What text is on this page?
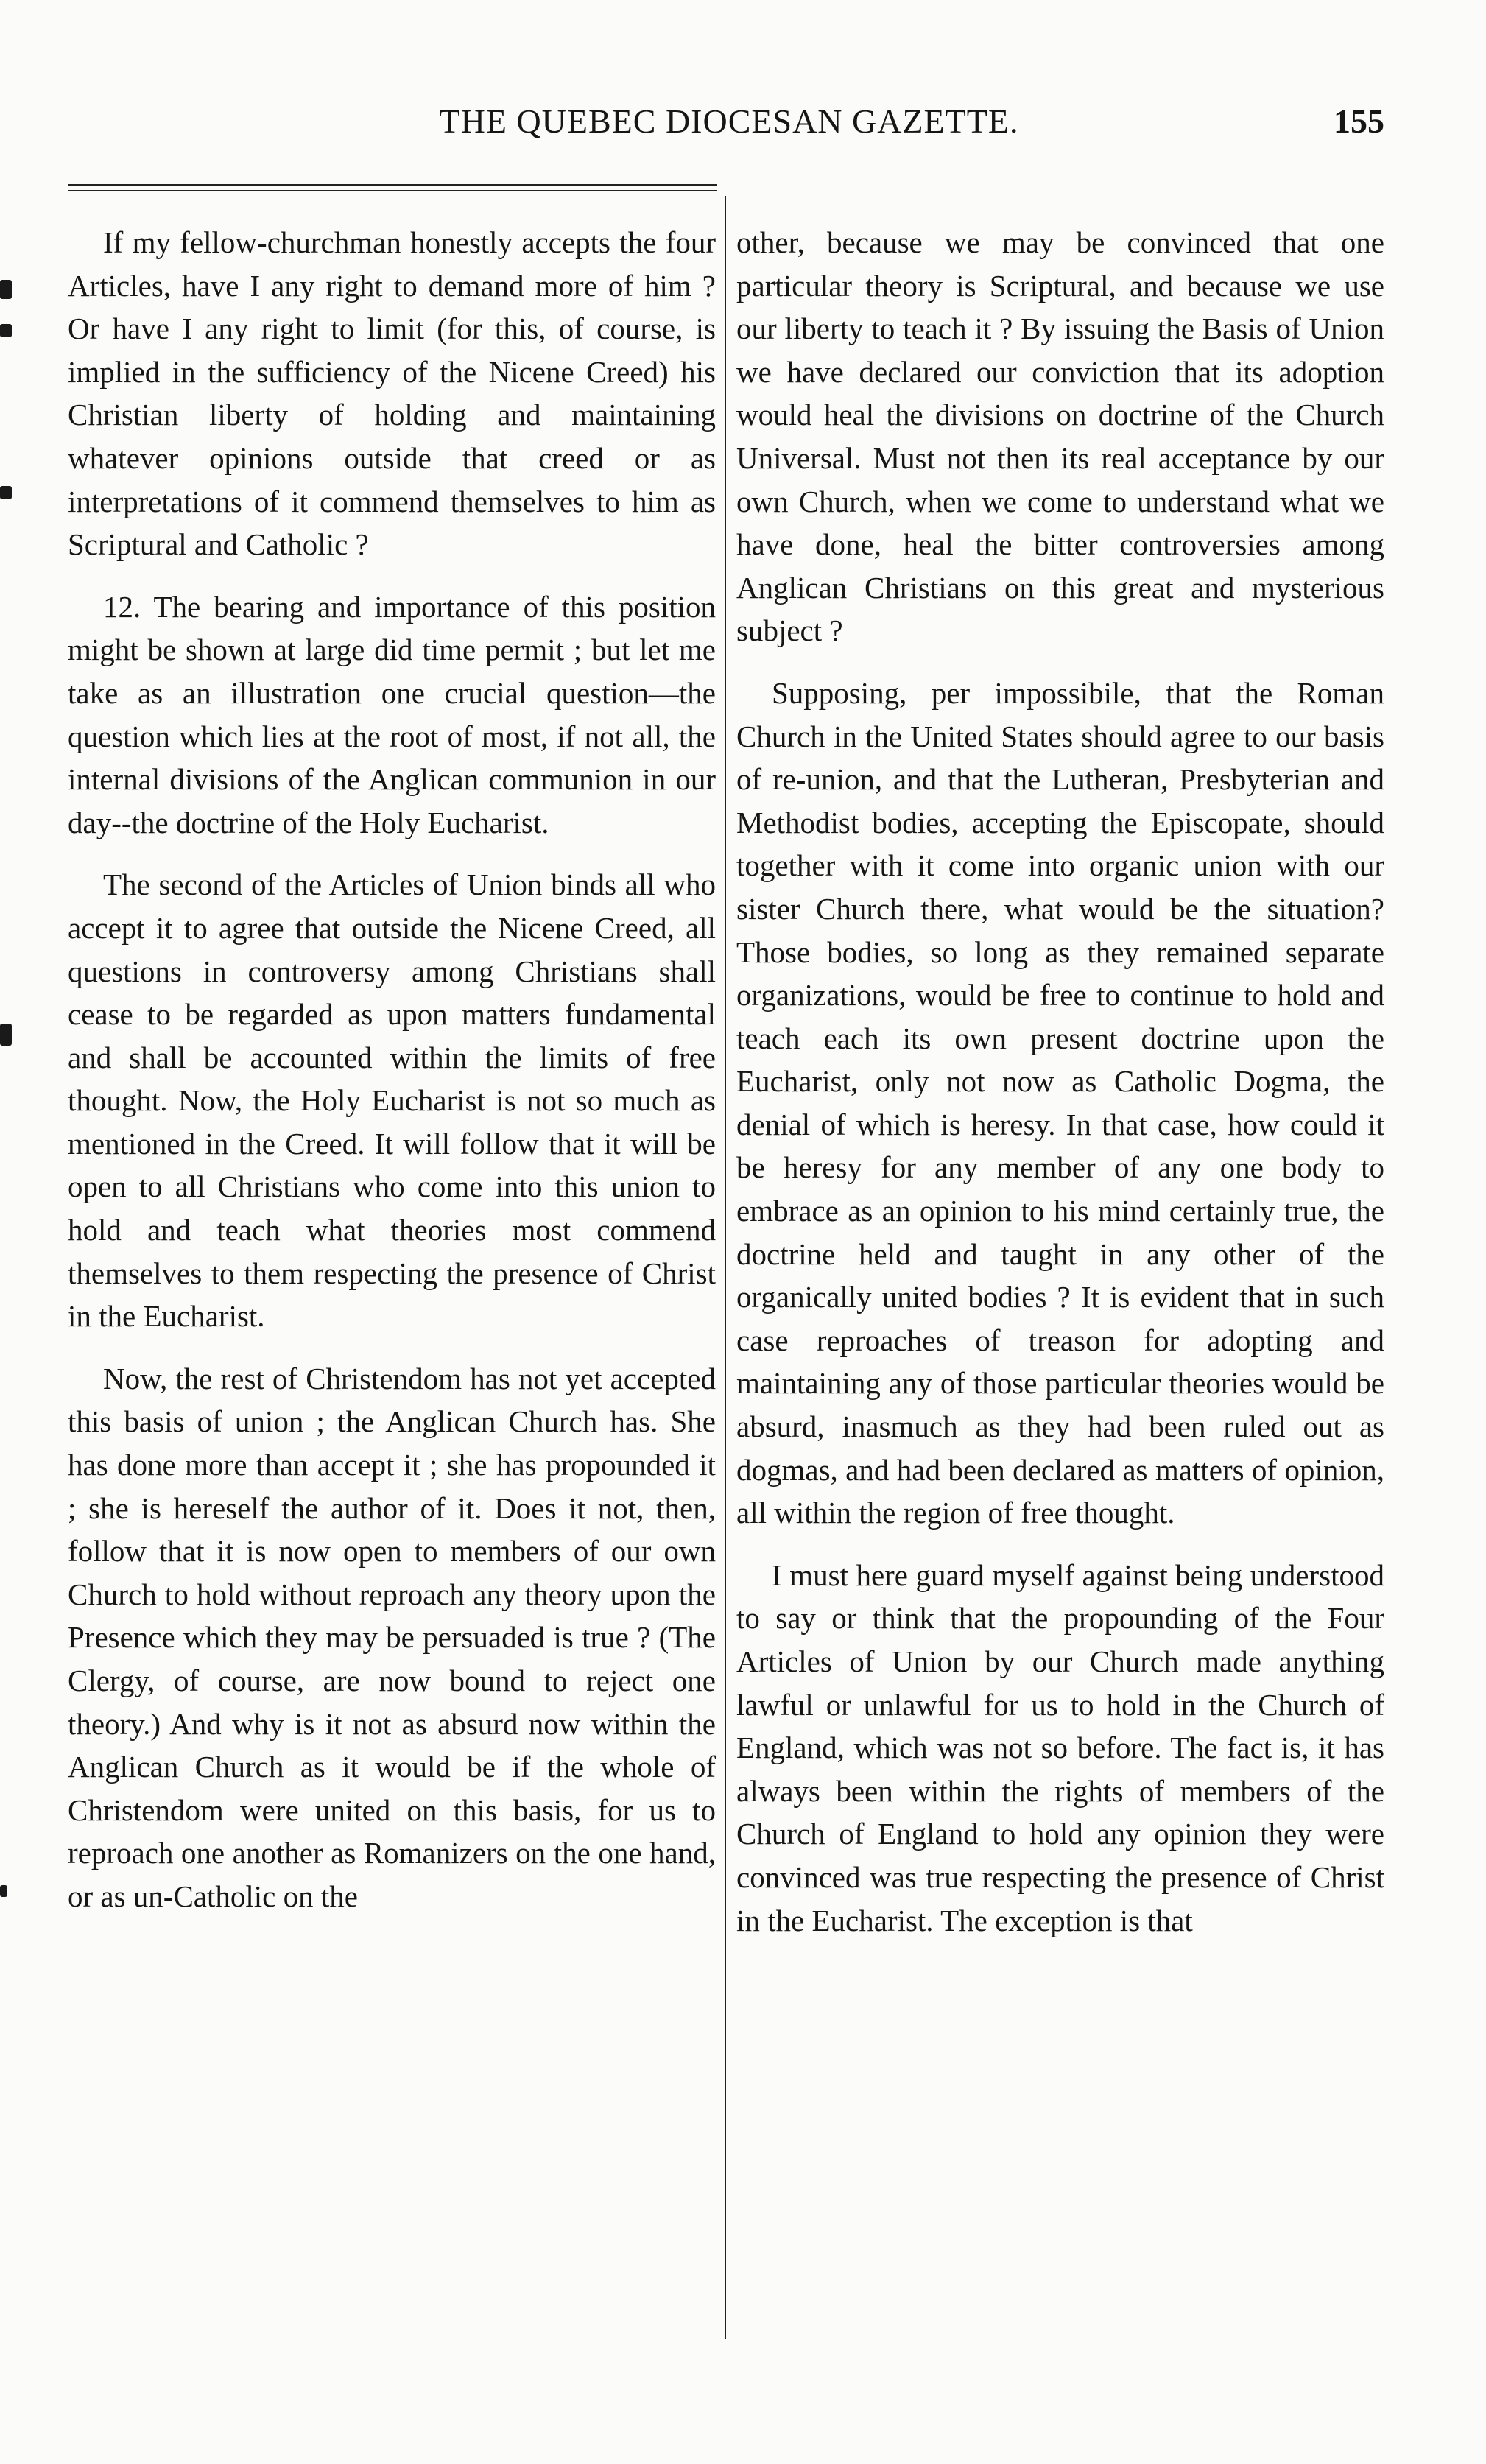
THE QUEBEC DIOCESAN GAZETTE.	155

If my fellow-churchman honestly accepts the four Articles, have I any right to demand more of him ? Or have I any right to limit (for this, of course, is implied in the sufficiency of the Nicene Creed) his Christian liberty of holding and maintaining whatever opinions outside that creed or as interpretations of it commend themselves to him as Scriptural and Catholic ?

12. The bearing and importance of this position might be shown at large did time permit ; but let me take as an illustration one crucial question—the question which lies at the root of most, if not all, the internal divisions of the Anglican communion in our day--the doctrine of the Holy Eucharist.

The second of the Articles of Union binds all who accept it to agree that outside the Nicene Creed, all questions in controversy among Christians shall cease to be regarded as upon matters fundamental and shall be accounted within the limits of free thought. Now, the Holy Eucharist is not so much as mentioned in the Creed. It will follow that it will be open to all Christians who come into this union to hold and teach what theories most commend themselves to them respecting the presence of Christ in the Eucharist.

Now, the rest of Christendom has not yet accepted this basis of union ; the Anglican Church has. She has done more than accept it ; she has propounded it ; she is hereself the author of it. Does it not, then, follow that it is now open to members of our own Church to hold without reproach any theory upon the Presence which they may be persuaded is true ? (The Clergy, of course, are now bound to reject one theory.) And why is it not as absurd now within the Anglican Church as it would be if the whole of Christendom were united on this basis, for us to reproach one another as Romanizers on the one hand, or as un-Catholic on the

other, because we may be convinced that one particular theory is Scriptural, and because we use our liberty to teach it ? By issuing the Basis of Union we have declared our conviction that its adoption would heal the divisions on doctrine of the Church Universal. Must not then its real acceptance by our own Church, when we come to understand what we have done, heal the bitter controversies among Anglican Christians on this great and mysterious subject ?

Supposing, per impossibile, that the Roman Church in the United States should agree to our basis of re-union, and that the Lutheran, Presbyterian and Methodist bodies, accepting the Episcopate, should together with it come into organic union with our sister Church there, what would be the situation? Those bodies, so long as they remained separate organizations, would be free to continue to hold and teach each its own present doctrine upon the Eucharist, only not now as Catholic Dogma, the denial of which is heresy. In that case, how could it be heresy for any member of any one body to embrace as an opinion to his mind certainly true, the doctrine held and taught in any other of the organically united bodies ? It is evident that in such case reproaches of treason for adopting and maintaining any of those particular theories would be absurd, inasmuch as they had been ruled out as dogmas, and had been declared as matters of opinion, all within the region of free thought.

I must here guard myself against being understood to say or think that the propounding of the Four Articles of Union by our Church made anything lawful or unlawful for us to hold in the Church of England, which was not so before. The fact is, it has always been within the rights of members of the Church of England to hold any opinion they were convinced was true respecting the presence of Christ in the Eucharist. The exception is that
